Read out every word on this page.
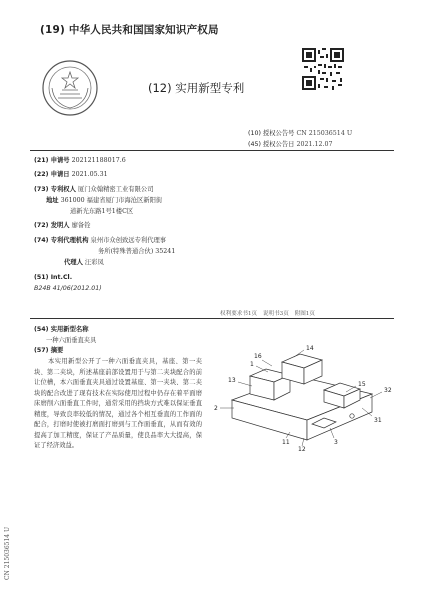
(19) 中华人民共和国国家知识产权局
(12) 实用新型专利
(10) 授权公告号 CN 215036514 U
(45) 授权公告日 2021.12.07
(21) 申请号
202121188017.6
(22) 申请日
2021.05.31
(73) 专利权人
厦门众翰精密工业有限公司
地址
361000 福建省厦门市海沧区新阳街
道新光东路1号1楼C区
(72) 发明人
廖备铨
(74) 专利代理机构
泉州市众创致远专利代理事
务所(特殊普通合伙) 35241
代理人
汪彩凤
(51) Int.Cl.
B24B 41/06(2012.01)
权利要求书1页 说明书3页 附图1页
(54) 实用新型名称
一种六面垂直夹具
(57) 摘要

本实用新型公开了一种六面垂直夹具，基座、第一夹块、第二夹块，所述基座前部设置用于与第二夹块配合的前让位槽，本六面垂直夹具通过设置基座、第一夹块、第二夹块的配合改进了现有技术在实际使用过程中仍存在着平面磨床磨削六面垂直工件时，通常采用的挡块方式难以保证垂直精度，导致良率较低的情况，通过各个相互垂直的工作面的配合，打磨时使被打磨面打磨到与工作面垂直，从而有效的提高了加工精度，保证了产品质量，使良品率大大提高，保证了经济效益。

14
16
1
13
15
32
2
11
12
31
3
CN 215036514 U
